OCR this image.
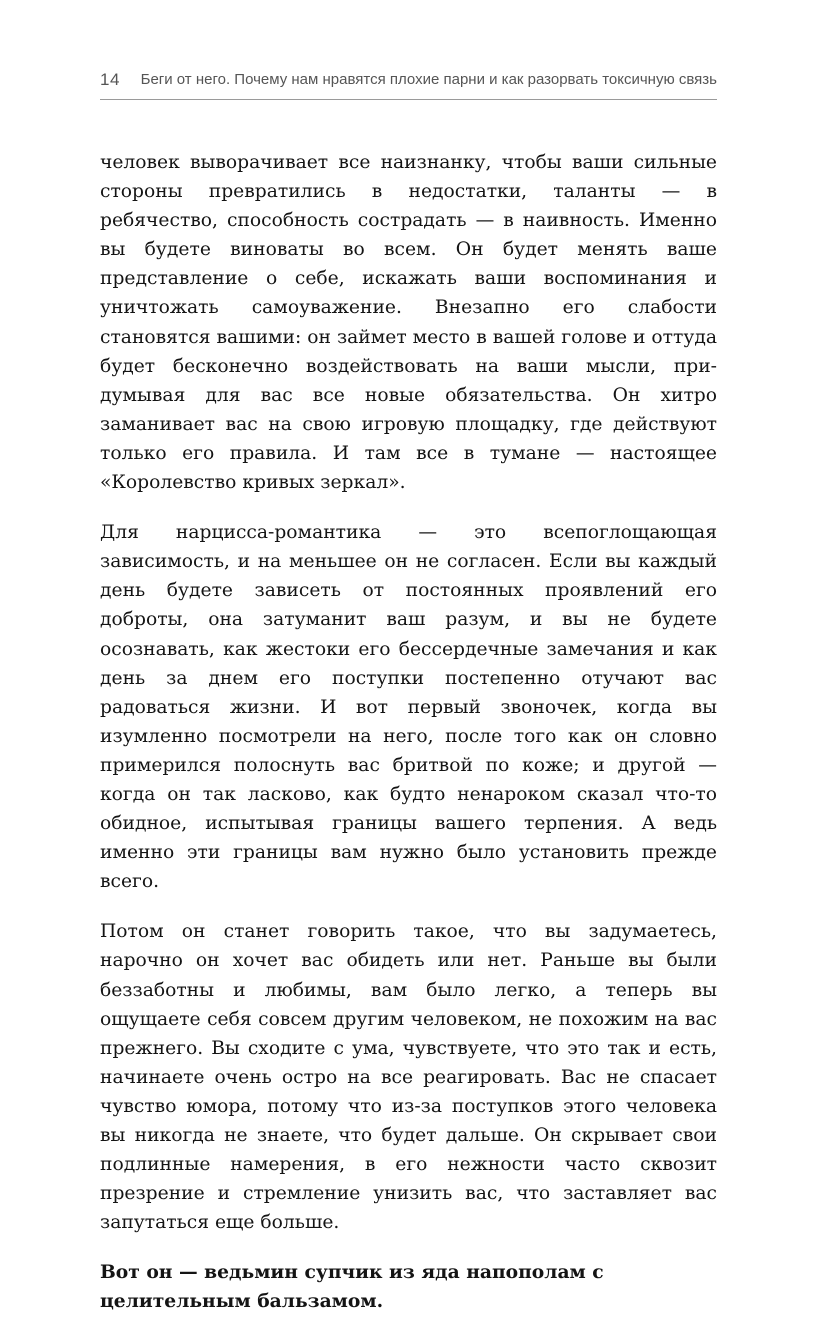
14 Беги от него. Почему нам нравятся плохие парни и как разорвать токсичную связь

человек выворачивает все наизнанку, чтобы ваши сильные стороны превратились в недостатки, таланты — в ребячество, способность сострадать — в наивность. Именно вы будете виноваты во всем. Он будет менять ваше представление о себе, искажать ваши воспоминания и уничтожать самоуважение. Внезапно его слабости становятся вашими: он займет место в вашей голове и оттуда будет бесконечно воздействовать на ваши мысли, придумывая для вас все новые обязательства. Он хитро заманивает вас на свою игровую площадку, где действуют только его правила. И там все в тумане — настоящее «Королевство кривых зеркал».

Для нарцисса-романтика — это всепоглощающая зависимость, и на меньшее он не согласен. Если вы каждый день будете зависеть от постоянных проявлений его доброты, она затуманит ваш разум, и вы не будете осознавать, как жестоки его бессердечные замечания и как день за днем его поступки постепенно отучают вас радоваться жизни. И вот первый звоночек, когда вы изумленно посмотрели на него, после того как он словно примерился полоснуть вас бритвой по коже; и другой — когда он так ласково, как будто ненароком сказал что-то обидное, испытывая границы вашего терпения. А ведь именно эти границы вам нужно было установить прежде всего.

Потом он станет говорить такое, что вы задумаетесь, нарочно он хочет вас обидеть или нет. Раньше вы были беззаботны и любимы, вам было легко, а теперь вы ощущаете себя совсем другим человеком, не похожим на вас прежнего. Вы сходите с ума, чувствуете, что это так и есть, начинаете очень остро на все реагировать. Вас не спасает чувство юмора, потому что из-за поступков этого человека вы никогда не знаете, что будет дальше. Он скрывает свои подлинные намерения, в его нежности часто сквозит презрение и стремление унизить вас, что заставляет вас запутаться еще больше.

Вот он — ведьмин супчик из яда напополам с целительным бальзамом.
